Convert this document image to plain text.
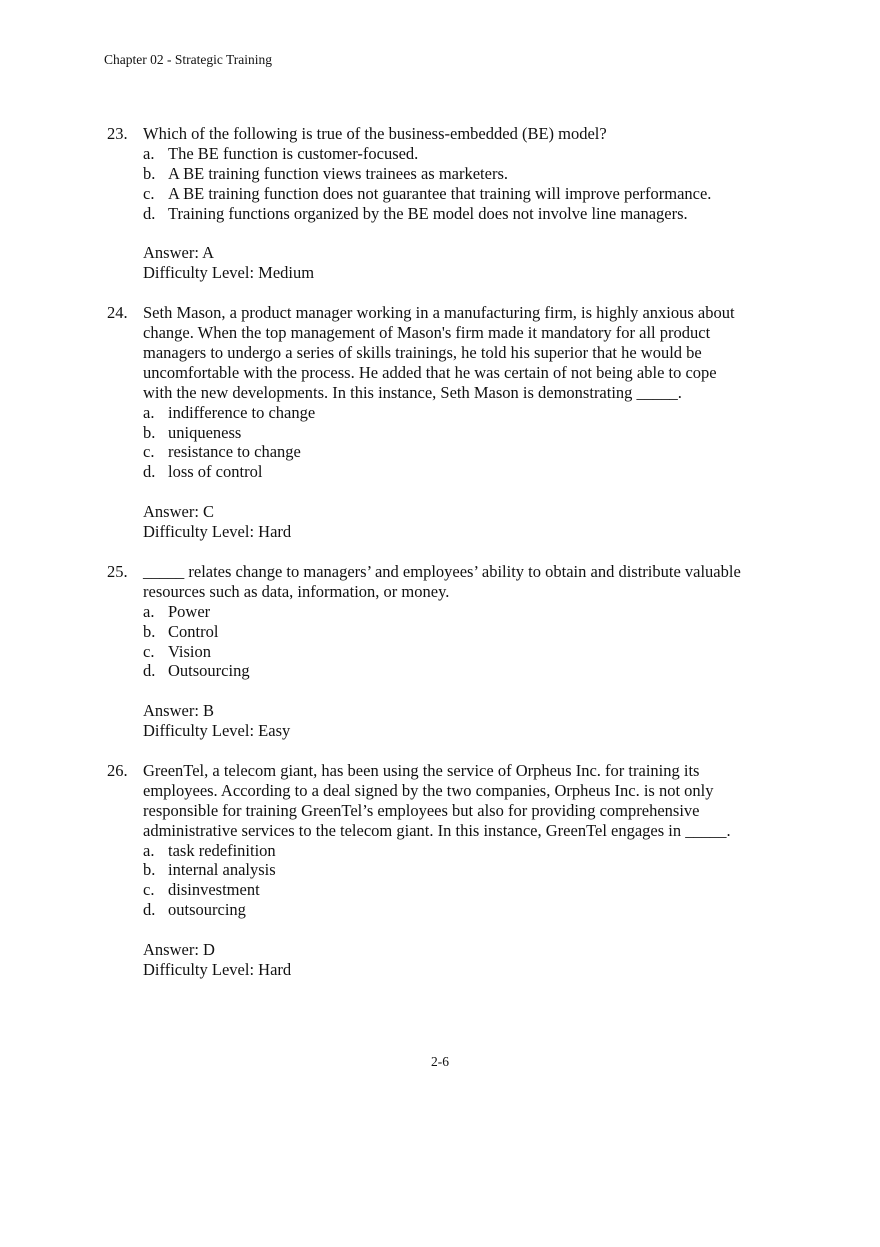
Chapter 02 - Strategic Training
23. Which of the following is true of the business-embedded (BE) model?
a. The BE function is customer-focused.
b. A BE training function views trainees as marketers.
c. A BE training function does not guarantee that training will improve performance.
d. Training functions organized by the BE model does not involve line managers.
Answer: A
Difficulty Level: Medium
24. Seth Mason, a product manager working in a manufacturing firm, is highly anxious about
change. When the top management of Mason's firm made it mandatory for all product
managers to undergo a series of skills trainings, he told his superior that he would be
uncomfortable with the process. He added that he was certain of not being able to cope
with the new developments. In this instance, Seth Mason is demonstrating _____.
a. indifference to change
b. uniqueness
c. resistance to change
d. loss of control
Answer: C
Difficulty Level: Hard
25. _____ relates change to managers’ and employees’ ability to obtain and distribute valuable
resources such as data, information, or money.
a. Power
b. Control
c. Vision
d. Outsourcing
Answer: B
Difficulty Level: Easy
26. GreenTel, a telecom giant, has been using the service of Orpheus Inc. for training its
employees. According to a deal signed by the two companies, Orpheus Inc. is not only
responsible for training GreenTel’s employees but also for providing comprehensive
administrative services to the telecom giant. In this instance, GreenTel engages in _____.
a. task redefinition
b. internal analysis
c. disinvestment
d. outsourcing
Answer: D
Difficulty Level: Hard
2-6
